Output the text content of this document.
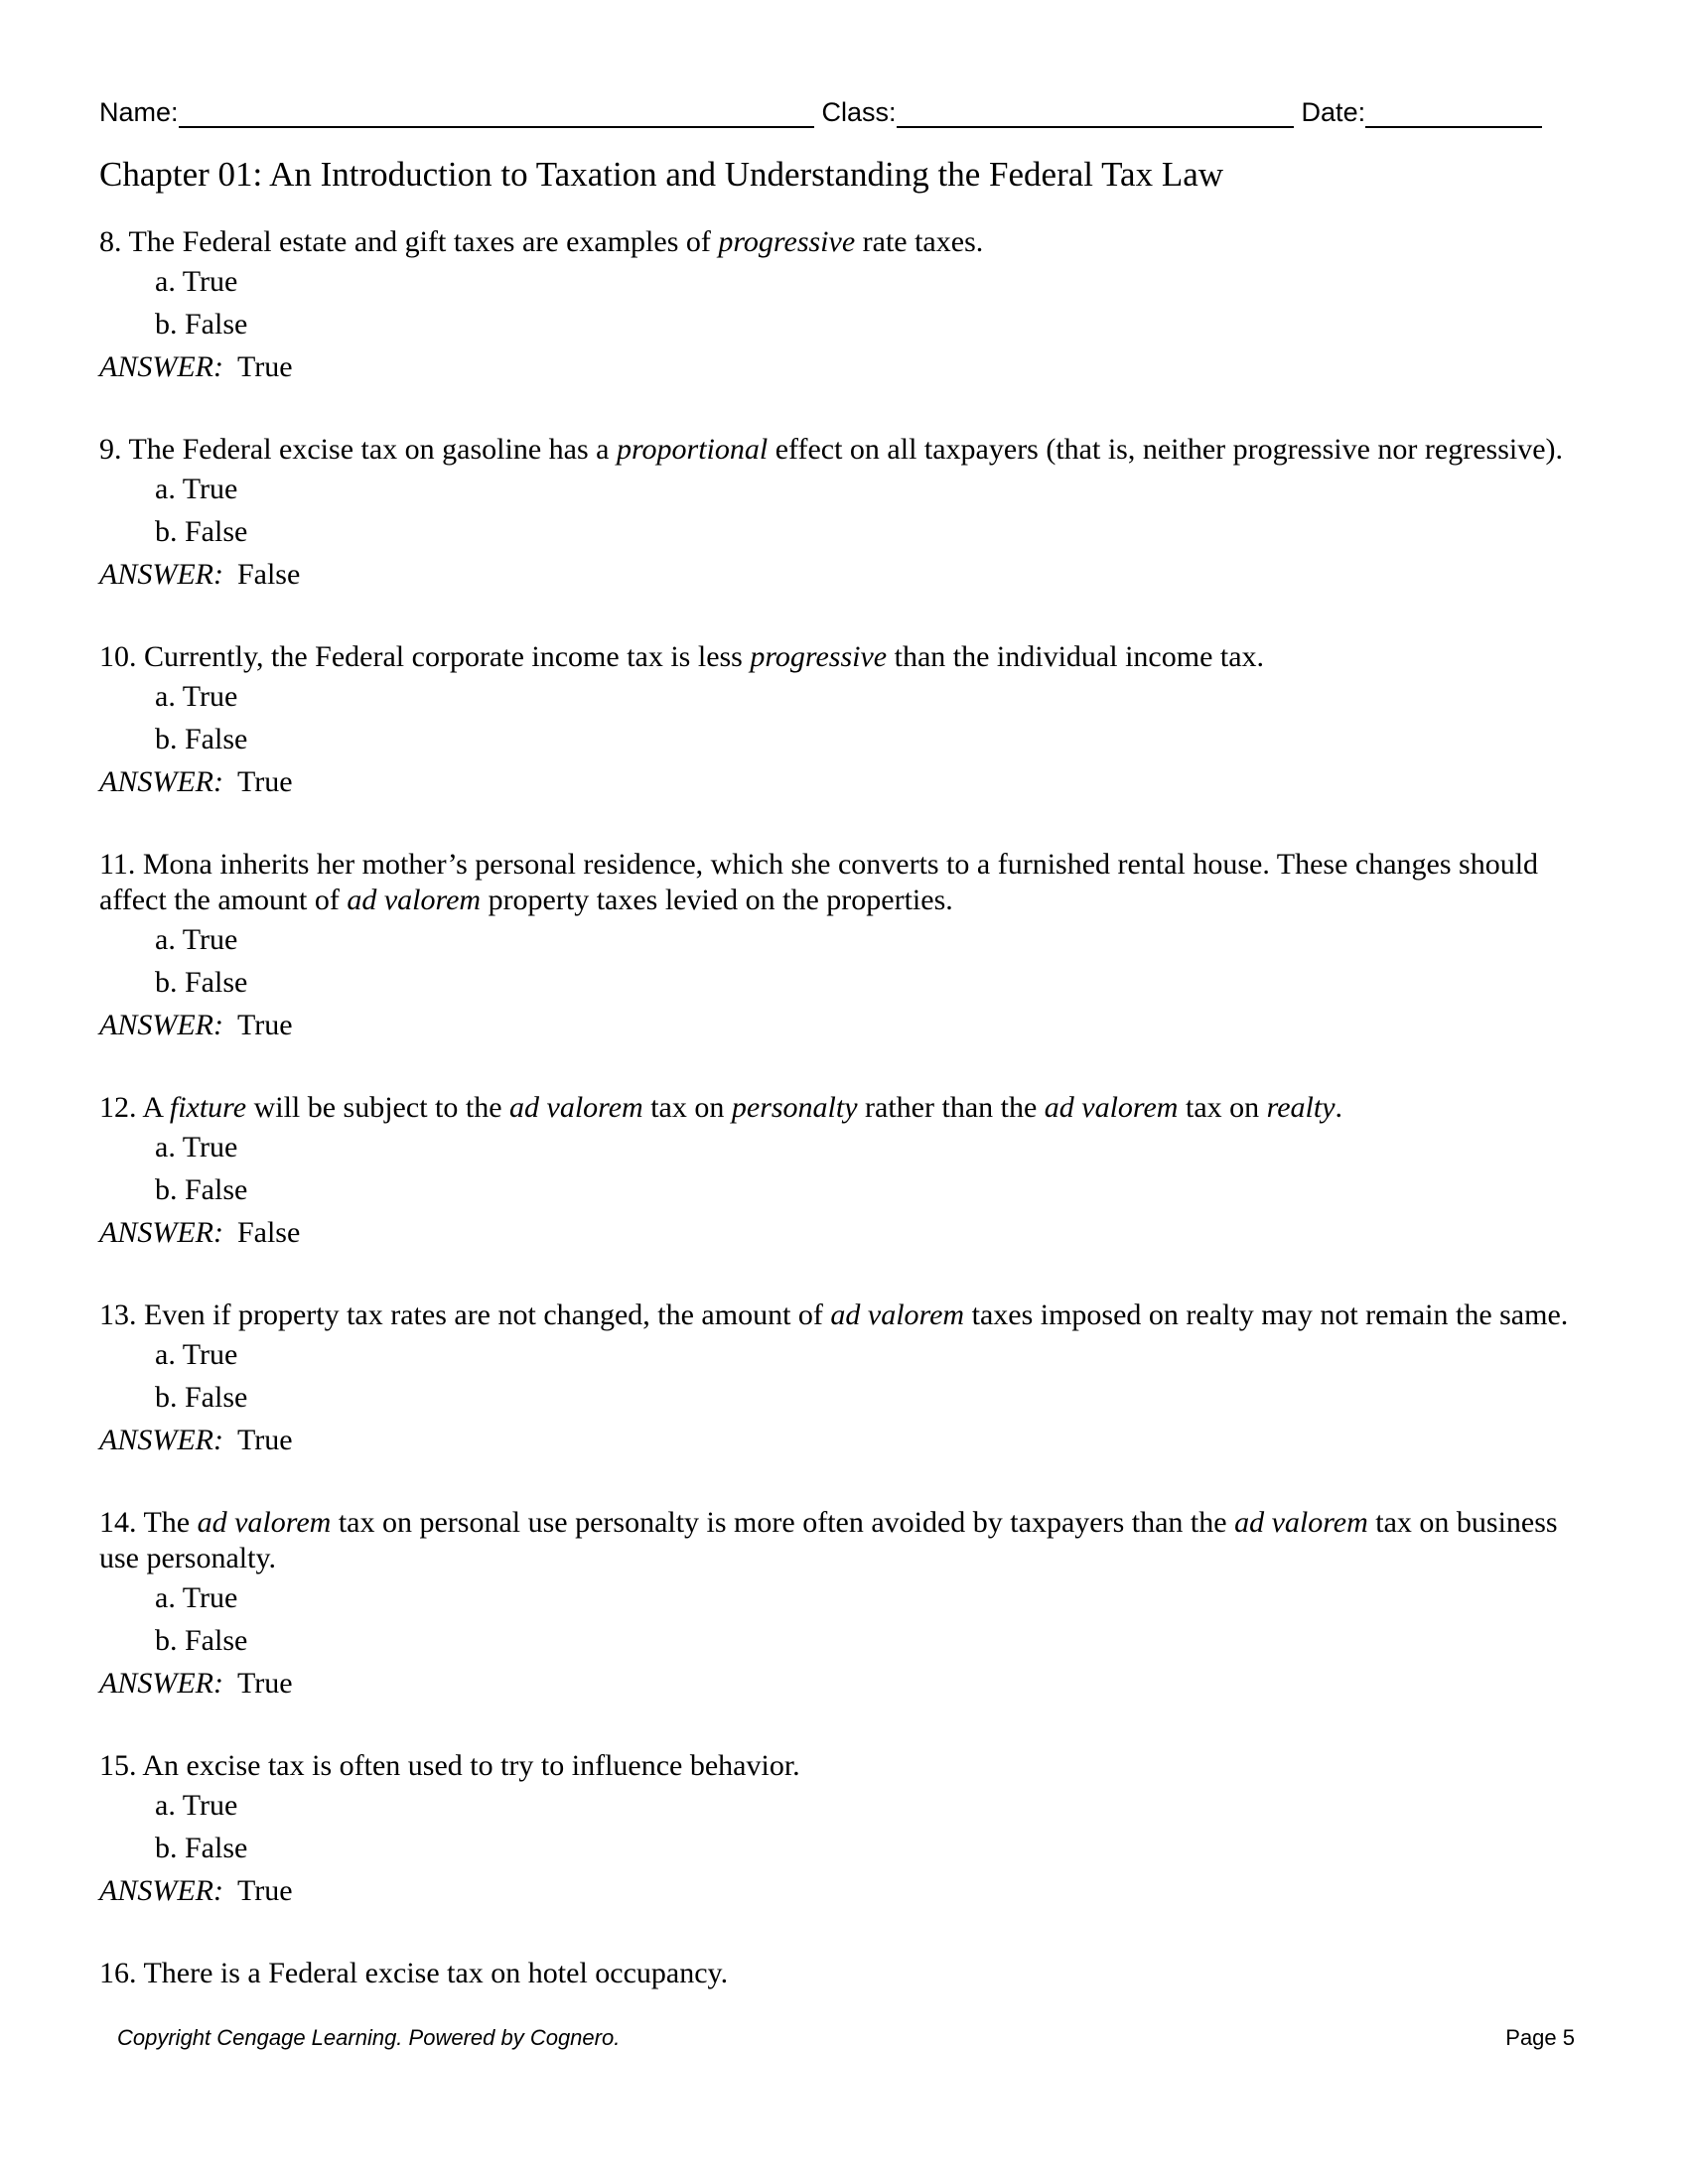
Name:	Class:	Date:
Chapter 01: An Introduction to Taxation and Understanding the Federal Tax Law
8. The Federal estate and gift taxes are examples of progressive rate taxes.
a. True
b. False
ANSWER: True
9. The Federal excise tax on gasoline has a proportional effect on all taxpayers (that is, neither progressive nor regressive).
a. True
b. False
ANSWER: False
10. Currently, the Federal corporate income tax is less progressive than the individual income tax.
a. True
b. False
ANSWER: True
11. Mona inherits her mother’s personal residence, which she converts to a furnished rental house. These changes should affect the amount of ad valorem property taxes levied on the properties.
a. True
b. False
ANSWER: True
12. A fixture will be subject to the ad valorem tax on personalty rather than the ad valorem tax on realty.
a. True
b. False
ANSWER: False
13. Even if property tax rates are not changed, the amount of ad valorem taxes imposed on realty may not remain the same.
a. True
b. False
ANSWER: True
14. The ad valorem tax on personal use personalty is more often avoided by taxpayers than the ad valorem tax on business use personalty.
a. True
b. False
ANSWER: True
15. An excise tax is often used to try to influence behavior.
a. True
b. False
ANSWER: True
16. There is a Federal excise tax on hotel occupancy.
Copyright Cengage Learning. Powered by Cognero.	Page 5
